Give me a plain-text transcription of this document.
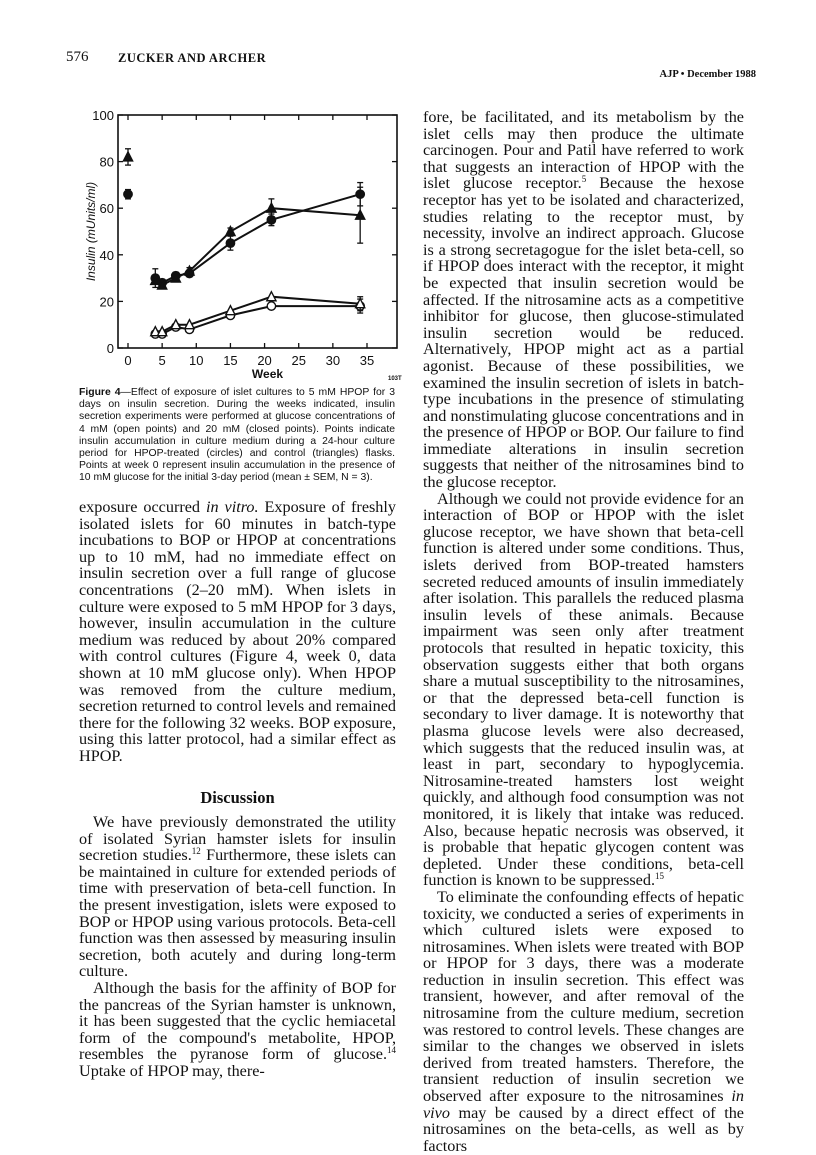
576 ZUCKER AND ARCHER
AJP • December 1988
0
20
40
60
80
100
0 5 10 15 20 25 30 35
Insulin (mUnits/ml)
Week	103T
Figure 4—Effect of exposure of islet cultures to 5 mM HPOP for 3 days on insulin secretion. During the weeks indicated, insulin secretion experiments were performed at glucose concentrations of 4 mM (open points) and 20 mM (closed points). Points indicate insulin accumulation in culture medium during a 24-hour culture period for HPOP-treated (circles) and control (triangles) flasks. Points at week 0 represent insulin accumulation in the presence of 10 mM glucose for the initial 3-day period (mean ± SEM, N = 3).

exposure occurred in vitro. Exposure of freshly isolated islets for 60 minutes in batch-type incubations to BOP or HPOP at concentrations up to 10 mM, had no immediate effect on insulin secretion over a full range of glucose concentrations (2–20 mM). When islets in culture were exposed to 5 mM HPOP for 3 days, however, insulin accumulation in the culture medium was reduced by about 20% compared with control cultures (Figure 4, week 0, data shown at 10 mM glucose only). When HPOP was removed from the culture medium, secretion returned to control levels and remained there for the following 32 weeks. BOP exposure, using this latter protocol, had a similar effect as HPOP.

Discussion

We have previously demonstrated the utility of isolated Syrian hamster islets for insulin secretion studies.$^{12}$ Furthermore, these islets can be maintained in culture for extended periods of time with preservation of beta-cell function. In the present investigation, islets were exposed to BOP or HPOP using various protocols. Beta-cell function was then assessed by measuring insulin secretion, both acutely and during long-term culture.

Although the basis for the affinity of BOP for the pancreas of the Syrian hamster is unknown, it has been suggested that the cyclic hemiacetal form of the compound's metabolite, HPOP, resembles the pyranose form of glucose.$^{14}$ Uptake of HPOP may, there-

fore, be facilitated, and its metabolism by the islet cells may then produce the ultimate carcinogen. Pour and Patil have referred to work that suggests an interaction of HPOP with the islet glucose receptor.$^5$ Because the hexose receptor has yet to be isolated and characterized, studies relating to the receptor must, by necessity, involve an indirect approach. Glucose is a strong secretagogue for the islet beta-cell, so if HPOP does interact with the receptor, it might be expected that insulin secretion would be affected. If the nitrosamine acts as a competitive inhibitor for glucose, then glucose-stimulated insulin secretion would be reduced. Alternatively, HPOP might act as a partial agonist. Because of these possibilities, we examined the insulin secretion of islets in batch-type incubations in the presence of stimulating and nonstimulating glucose concentrations and in the presence of HPOP or BOP. Our failure to find immediate alterations in insulin secretion suggests that neither of the nitrosamines bind to the glucose receptor.

Although we could not provide evidence for an interaction of BOP or HPOP with the islet glucose receptor, we have shown that beta-cell function is altered under some conditions. Thus, islets derived from BOP-treated hamsters secreted reduced amounts of insulin immediately after isolation. This parallels the reduced plasma insulin levels of these animals. Because impairment was seen only after treatment protocols that resulted in hepatic toxicity, this observation suggests either that both organs share a mutual susceptibility to the nitrosamines, or that the depressed beta-cell function is secondary to liver damage. It is noteworthy that plasma glucose levels were also decreased, which suggests that the reduced insulin was, at least in part, secondary to hypoglycemia. Nitrosamine-treated hamsters lost weight quickly, and although food consumption was not monitored, it is likely that intake was reduced. Also, because hepatic necrosis was observed, it is probable that hepatic glycogen content was depleted. Under these conditions, beta-cell function is known to be suppressed.$^{15}$

To eliminate the confounding effects of hepatic toxicity, we conducted a series of experiments in which cultured islets were exposed to nitrosamines. When islets were treated with BOP or HPOP for 3 days, there was a moderate reduction in insulin secretion. This effect was transient, however, and after removal of the nitrosamine from the culture medium, secretion was restored to control levels. These changes are similar to the changes we observed in islets derived from treated hamsters. Therefore, the transient reduction of insulin secretion we observed after exposure to the nitrosamines in vivo may be caused by a direct effect of the nitrosamines on the beta-cells, as well as by factors
